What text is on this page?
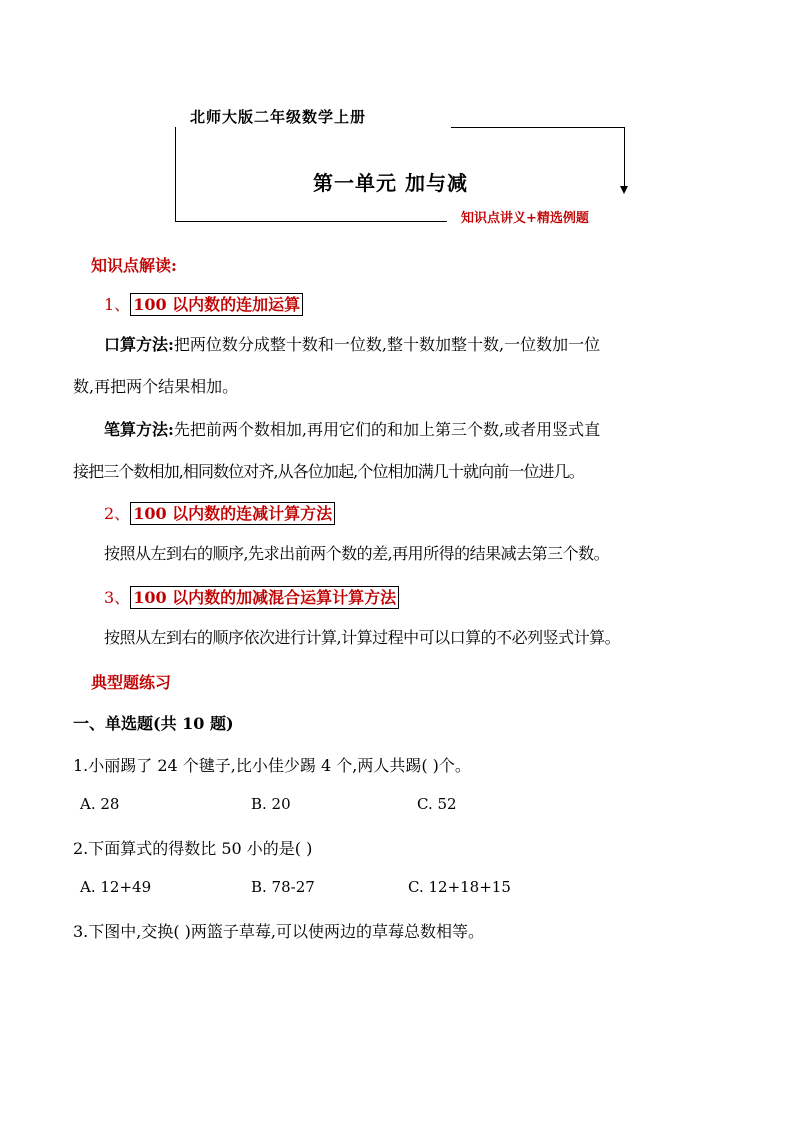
北师大版二年级数学上册
第一单元 加与减
知识点讲义+精选例题
知识点解读:
1、 100 以内数的连加运算
口算方法:把两位数分成整十数和一位数,整十数加整十数,一位数加一位
数,再把两个结果相加。
笔算方法:先把前两个数相加,再用它们的和加上第三个数,或者用竖式直
接把三个数相加,相同数位对齐,从各位加起,个位相加满几十就向前一位进几。
2、 100 以内数的连减计算方法
按照从左到右的顺序,先求出前两个数的差,再用所得的结果减去第三个数。
3、 100 以内数的加减混合运算计算方法
按照从左到右的顺序依次进行计算,计算过程中可以口算的不必列竖式计算。
典型题练习
一、单选题(共 10 题)
1.小丽踢了 24 个毽子,比小佳少踢 4 个,两人共踢( )个。
A. 28	B. 20	C. 52
2.下面算式的得数比 50 小的是( )
A. 12+49	B. 78-27	C. 12+18+15
3.下图中,交换( )两篮子草莓,可以使两边的草莓总数相等。
